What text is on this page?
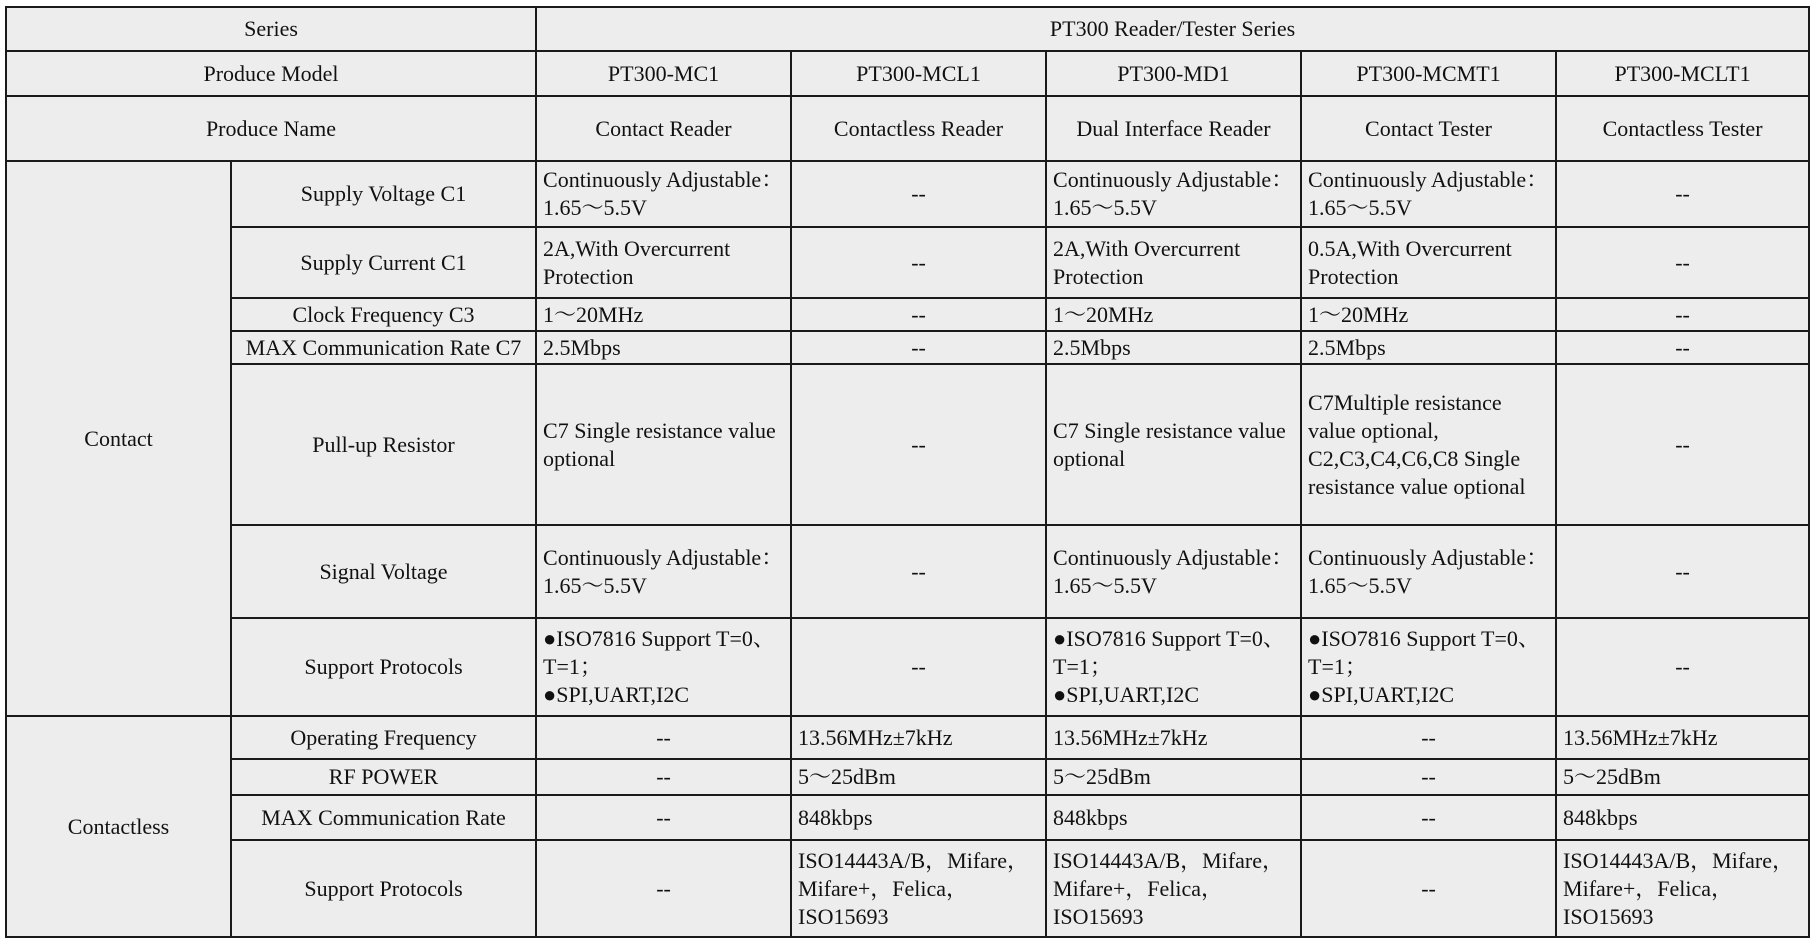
Series		PT300 Reader/Tester Series				
Produce Model		PT300-MC1	PT300-MCL1	PT300-MD1	PT300-MCMT1	PT300-MCLT1
Produce Name		Contact Reader	Contactless Reader	Dual Interface Reader	Contact Tester	Contactless Tester
Contact	Supply Voltage C1	Continuously Adjustable：
1.65～5.5V	--	Continuously Adjustable：
1.65～5.5V	Continuously Adjustable：
1.65～5.5V	--

	Supply Current C1	2A,With Overcurrent
Protection	--	2A,With Overcurrent
Protection	0.5A,With Overcurrent
Protection	--

	Clock Frequency C3	1～20MHz	--	1～20MHz	1～20MHz	--

	MAX Communication Rate C7	2.5Mbps	--	2.5Mbps	2.5Mbps	--

	Pull-up Resistor	C7 Single resistance value
optional	--	C7 Single resistance value
optional	C7Multiple resistance
value optional,
C2,C3,C4,C6,C8 Single
resistance value optional	--

	Signal Voltage	Continuously Adjustable：
1.65～5.5V	--	Continuously Adjustable：
1.65～5.5V	Continuously Adjustable：
1.65～5.5V	--

	Support Protocols	●ISO7816 Support T=0、
T=1；
●SPI,UART,I2C	--	●ISO7816 Support T=0、
T=1；
●SPI,UART,I2C	●ISO7816 Support T=0、
T=1；
●SPI,UART,I2C	--

Contactless	Operating Frequency	--	13.56MHz±7kHz	13.56MHz±7kHz	--	13.56MHz±7kHz

	RF POWER	--	5～25dBm	5～25dBm	--	5～25dBm

	MAX Communication Rate	--	848kbps	848kbps	--	848kbps

	Support Protocols	--	ISO14443A/B，Mifare，
Mifare+，Felica，
ISO15693	ISO14443A/B，Mifare，
Mifare+，Felica，
ISO15693	--	ISO14443A/B，Mifare，
Mifare+，Felica，
ISO15693
